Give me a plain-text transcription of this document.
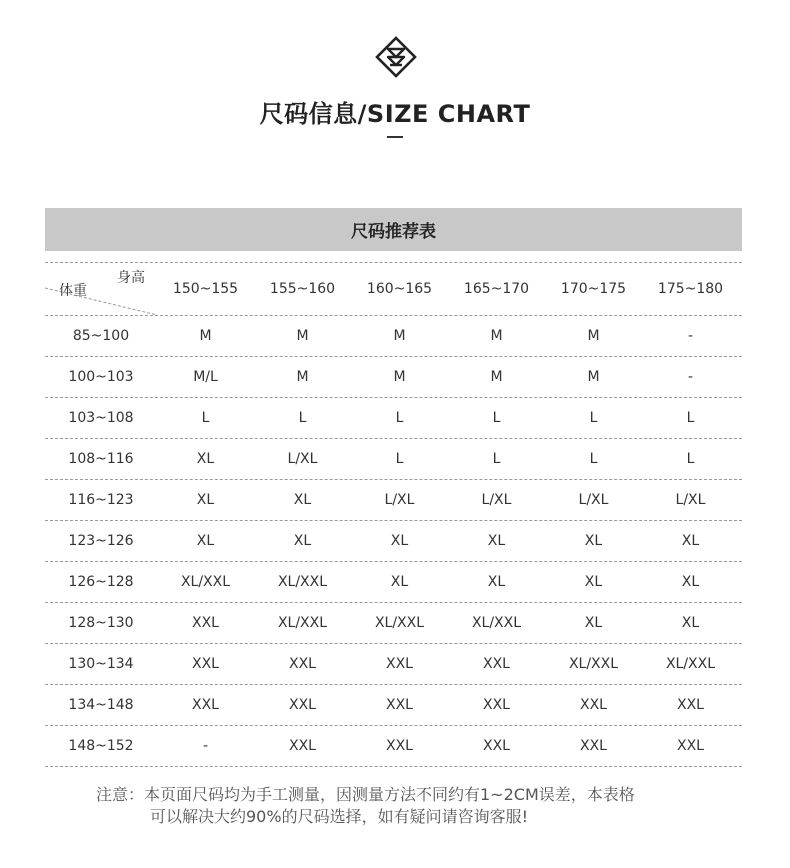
尺码信息/SIZE CHART
尺码推荐表
身高
体重	150~155	155~160	160~165	165~170	170~175	175~180
85~100	M	M	M	M	M	-
100~103	M/L	M	M	M	M	-
103~108	L	L	L	L	L	L
108~116	XL	L/XL	L	L	L	L
116~123	XL	XL	L/XL	L/XL	L/XL	L/XL
123~126	XL	XL	XL	XL	XL	XL
126~128	XL/XXL	XL/XXL	XL	XL	XL	XL
128~130	XXL	XL/XXL	XL/XXL	XL/XXL	XL	XL
130~134	XXL	XXL	XXL	XXL	XL/XXL	XL/XXL
134~148	XXL	XXL	XXL	XXL	XXL	XXL
148~152	-	XXL	XXL	XXL	XXL	XXL
注意：本页面尺码均为手工测量，因测量方法不同约有1~2CM误差，本表格
可以解决大约90%的尺码选择，如有疑问请咨询客服!
